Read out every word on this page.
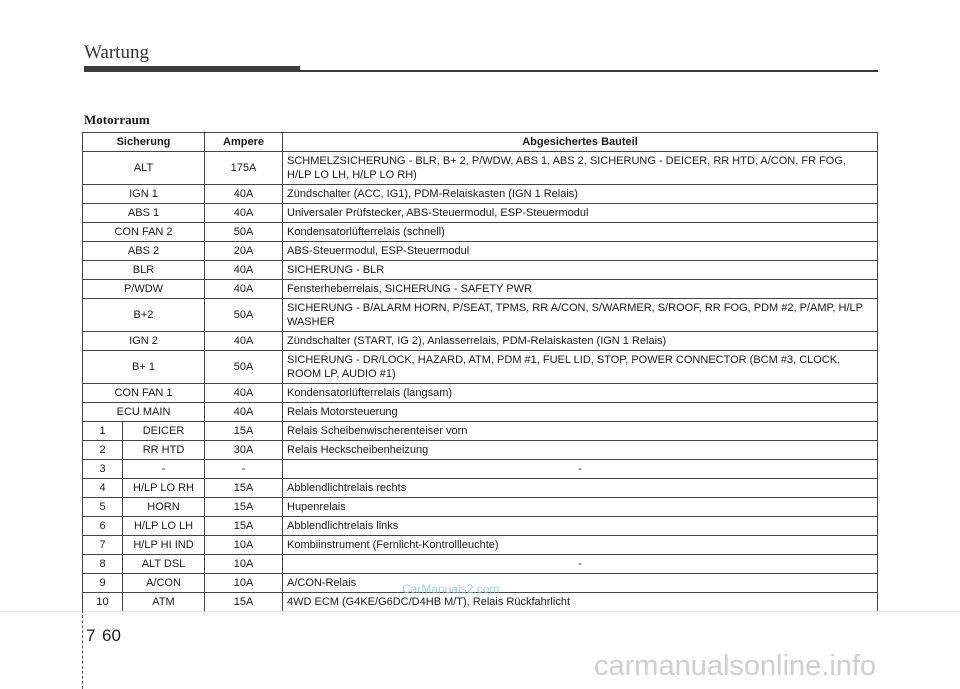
Wartung
Motorraum
Sicherung		Ampere	Abgesichertes Bauteil
ALT		175A	SCHMELZSICHERUNG - BLR, B+ 2, P/WDW, ABS 1, ABS 2, SICHERUNG - DEICER, RR HTD, A/CON, FR FOG, H/LP LO LH, H/LP LO RH)
IGN 1		40A	Zündschalter (ACC, IG1), PDM-Relaiskasten (IGN 1 Relais)
ABS 1		40A	Universaler Prüfstecker, ABS-Steuermodul, ESP-Steuermodul
CON FAN 2		50A	Kondensatorlüfterrelais (schnell)
ABS 2		20A	ABS-Steuermodul, ESP-Steuermodul
BLR		40A	SICHERUNG - BLR
P/WDW		40A	Fensterheberrelais, SICHERUNG - SAFETY PWR
B+2		50A	SICHERUNG - B/ALARM HORN, P/SEAT, TPMS, RR A/CON, S/WARMER, S/ROOF, RR FOG, PDM #2, P/AMP, H/LP WASHER
IGN 2		40A	Zündschalter (START, IG 2), Anlasserrelais, PDM-Relaiskasten (IGN 1 Relais)
B+ 1		50A	SICHERUNG - DR/LOCK, HAZARD, ATM, PDM #1, FUEL LID, STOP, POWER CONNECTOR (BCM #3, CLOCK, ROOM LP, AUDIO #1)
CON FAN 1		40A	Kondensatorlüfterrelais (langsam)
ECU MAIN		40A	Relais Motorsteuerung
1	DEICER	15A	Relais Scheibenwischerenteiser vorn
2	RR HTD	30A	Relais Heckscheibenheizung
3	-	-	-
4	H/LP LO RH	15A	Abblendlichtrelais rechts
5	HORN	15A	Hupenrelais
6	H/LP LO LH	15A	Abblendlichtrelais links
7	H/LP HI IND	10A	Kombiinstrument (Fernlicht-Kontrollleuchte)
8	ALT DSL	10A	-
9	A/CON	10A	A/CON-Relais
10	ATM	15A	4WD ECM (G4KE/G6DC/D4HB M/T), Relais Rückfahrlicht
CarManuals2.com
7 60
carmanualsonline.info
